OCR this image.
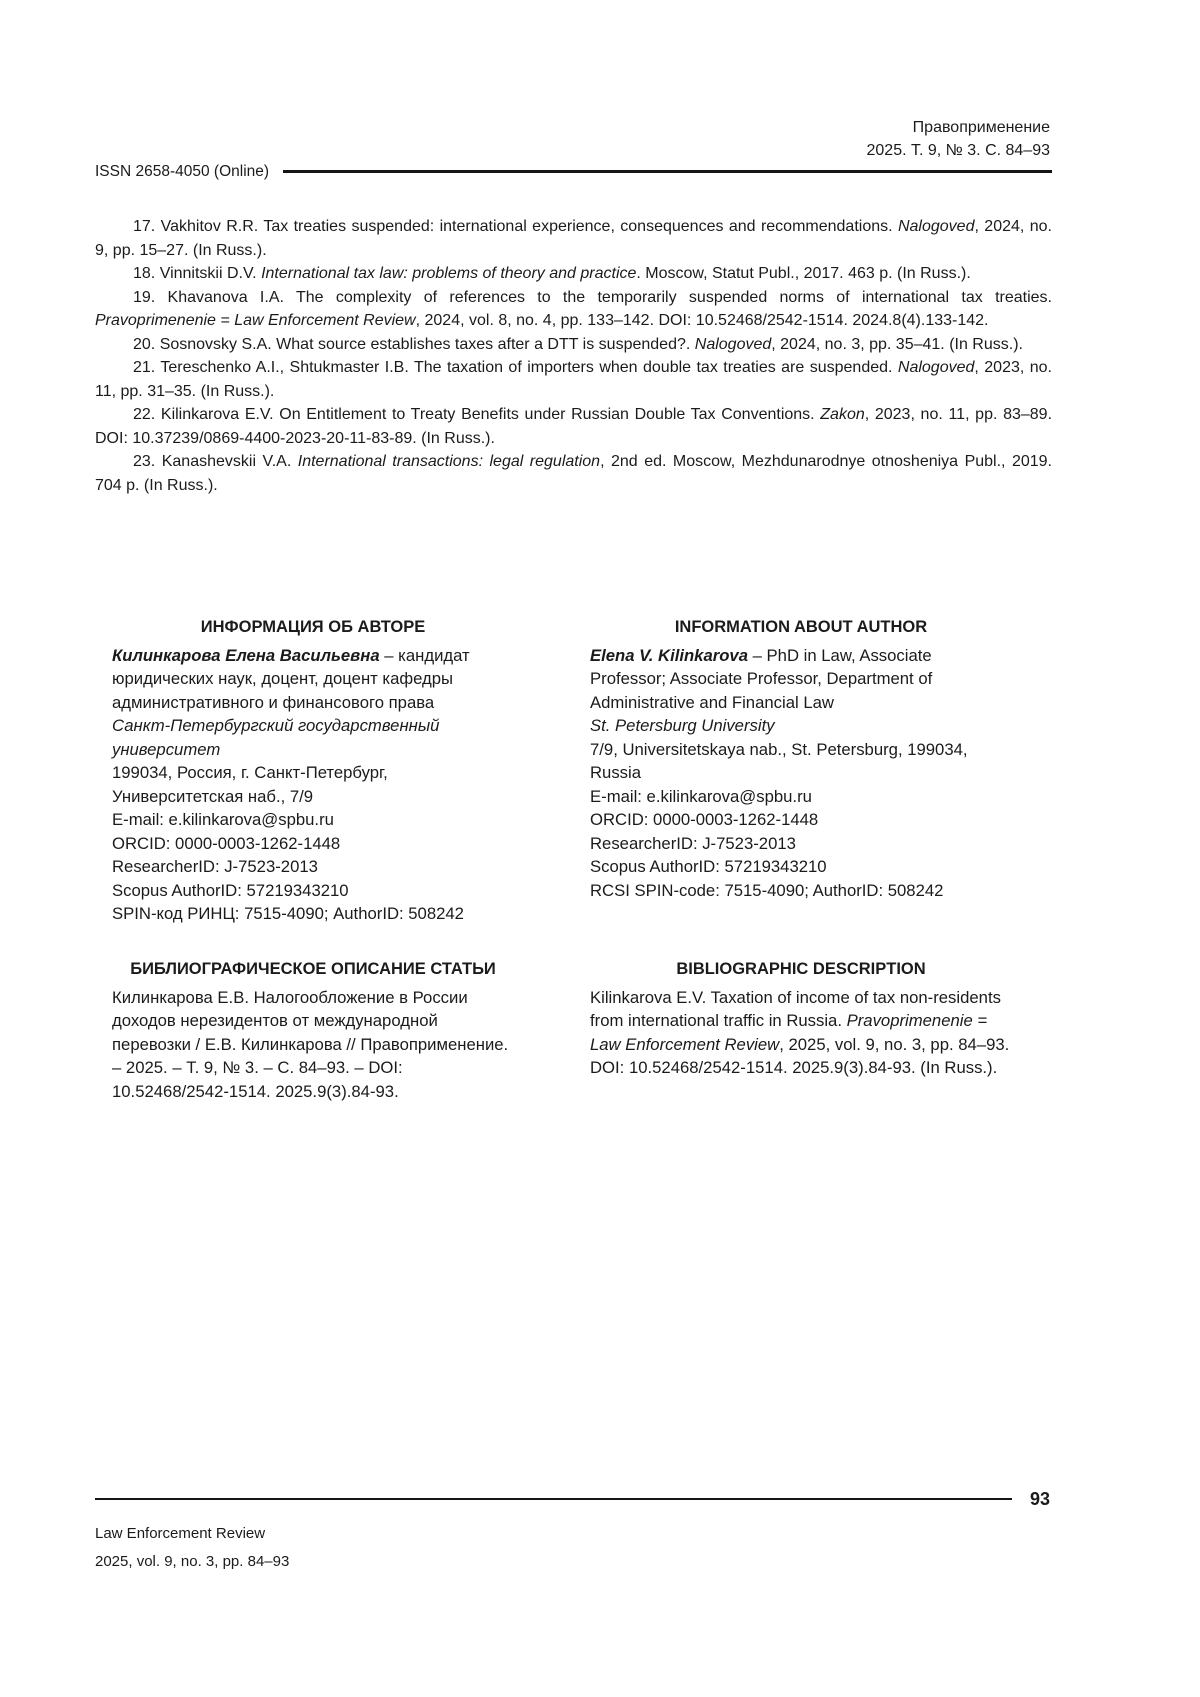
Правоприменение
2025. Т. 9, № 3. С. 84–93
ISSN 2658-4050 (Online)

17. Vakhitov R.R. Tax treaties suspended: international experience, consequences and recommendations. Nalogoved, 2024, no. 9, pp. 15–27. (In Russ.).

18. Vinnitskii D.V. International tax law: problems of theory and practice. Moscow, Statut Publ., 2017. 463 p. (In Russ.).

19. Khavanova I.A. The complexity of references to the temporarily suspended norms of international tax treaties. Pravoprimenenie = Law Enforcement Review, 2024, vol. 8, no. 4, pp. 133–142. DOI: 10.52468/2542-1514. 2024.8(4).133-142.

20. Sosnovsky S.A. What source establishes taxes after a DTT is suspended?. Nalogoved, 2024, no. 3, pp. 35–41. (In Russ.).

21. Tereschenko A.I., Shtukmaster I.B. The taxation of importers when double tax treaties are suspended. Nalogoved, 2023, no. 11, pp. 31–35. (In Russ.).

22. Kilinkarova E.V. On Entitlement to Treaty Benefits under Russian Double Tax Conventions. Zakon, 2023, no. 11, pp. 83–89. DOI: 10.37239/0869-4400-2023-20-11-83-89. (In Russ.).

23. Kanashevskii V.A. International transactions: legal regulation, 2nd ed. Moscow, Mezhdunarodnye otnosheniya Publ., 2019. 704 p. (In Russ.).

ИНФОРМАЦИЯ ОБ АВТОРЕ

Килинкарова Елена Васильевна – кандидат юридических наук, доцент, доцент кафедры административного и финансового права

Санкт-Петербургский государственный университет

199034, Россия, г. Санкт-Петербург, Университетская наб., 7/9

E-mail: e.kilinkarova@spbu.ru

ORCID: 0000-0003-1262-1448

ResearcherID: J-7523-2013

Scopus AuthorID: 57219343210

SPIN-код РИНЦ: 7515-4090; AuthorID: 508242

INFORMATION ABOUT AUTHOR

Elena V. Kilinkarova – PhD in Law, Associate Professor; Associate Professor, Department of Administrative and Financial Law

St. Petersburg University

7/9, Universitetskaya nab., St. Petersburg, 199034, Russia

E-mail: e.kilinkarova@spbu.ru

ORCID: 0000-0003-1262-1448

ResearcherID: J-7523-2013

Scopus AuthorID: 57219343210

RCSI SPIN-code: 7515-4090; AuthorID: 508242

БИБЛИОГРАФИЧЕСКОЕ ОПИСАНИЕ СТАТЬИ

Килинкарова Е.В. Налогообложение в России доходов нерезидентов от международной перевозки / Е.В. Килинкарова // Правоприменение. – 2025. – Т. 9, № 3. – С. 84–93. – DOI: 10.52468/2542-1514. 2025.9(3).84-93.

BIBLIOGRAPHIC DESCRIPTION

Kilinkarova E.V. Taxation of income of tax non-residents from international traffic in Russia. Pravoprimenenie = Law Enforcement Review, 2025, vol. 9, no. 3, pp. 84–93. DOI: 10.52468/2542-1514. 2025.9(3).84-93. (In Russ.).

93
Law Enforcement Review
2025, vol. 9, no. 3, pp. 84–93
